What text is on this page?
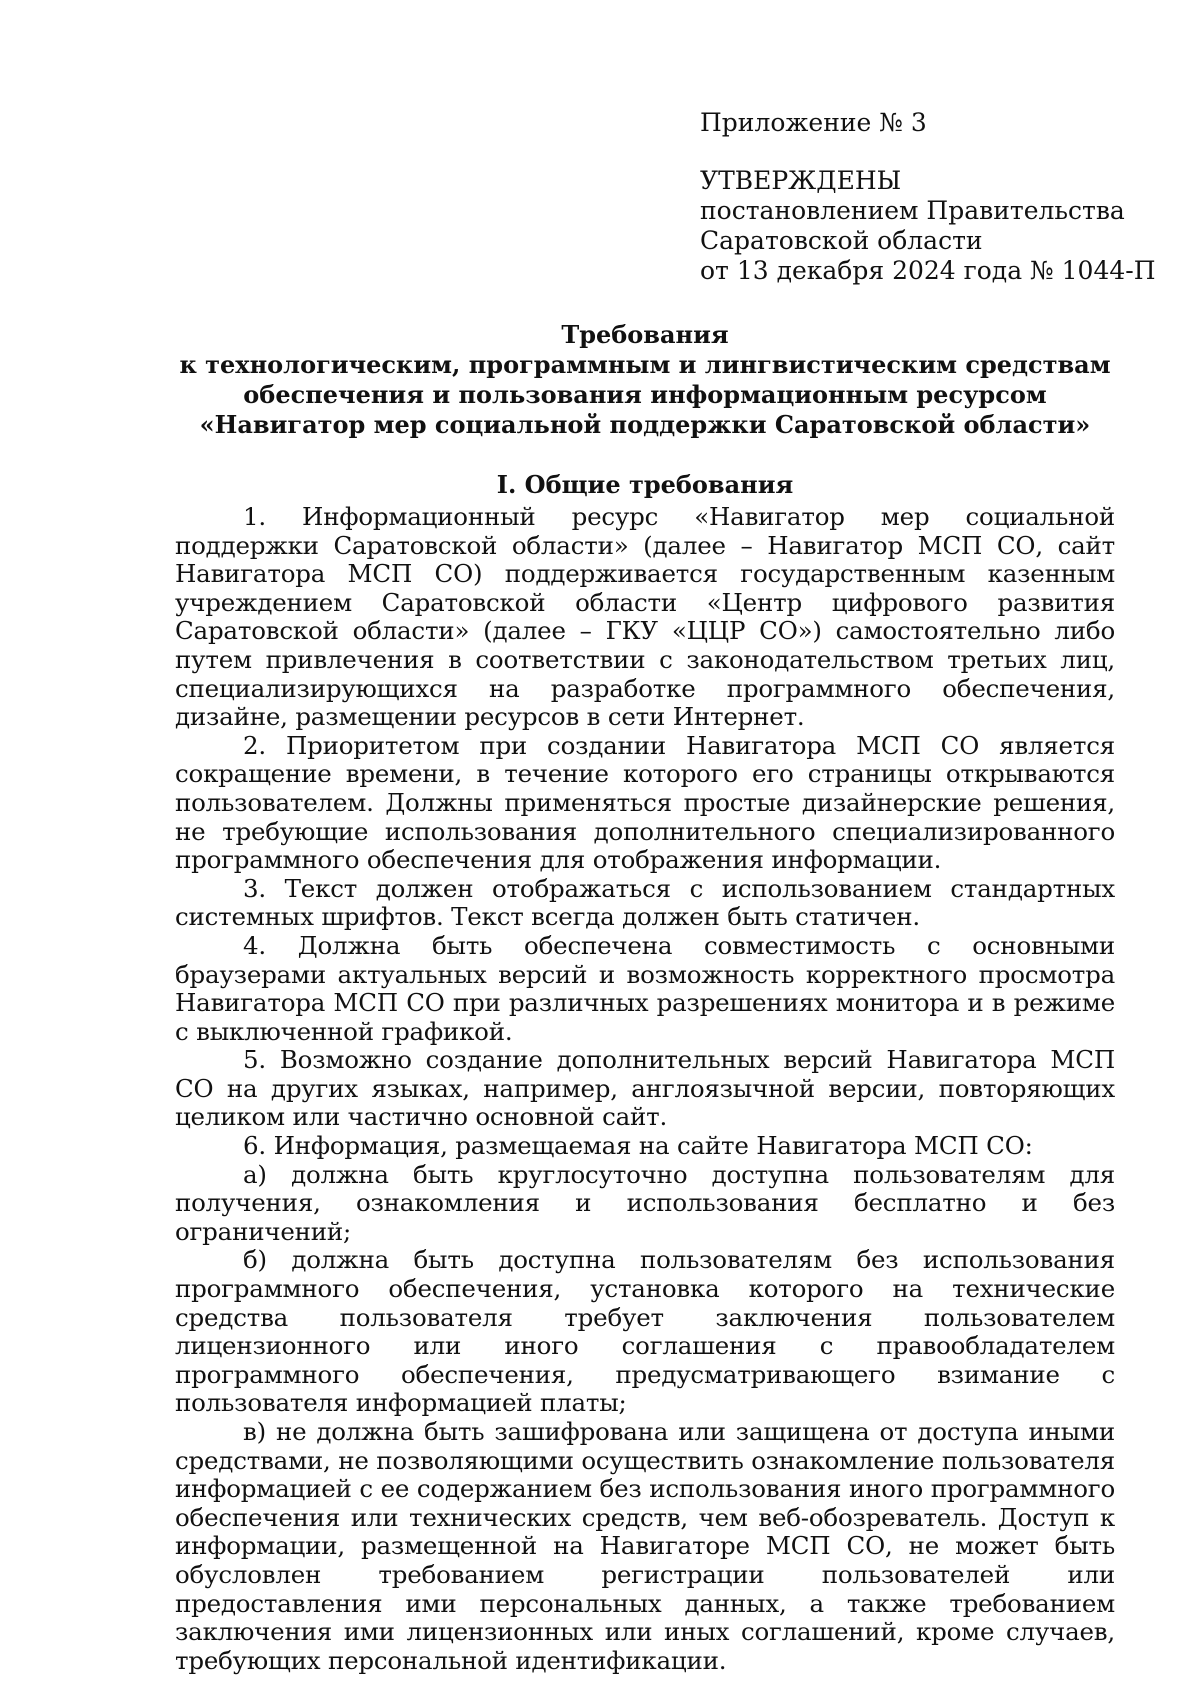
Приложение № 3
УТВЕРЖДЕНЫ
постановлением Правительства
Саратовской области
от 13 декабря 2024 года № 1044-П
Требования
к технологическим, программным и лингвистическим средствам
обеспечения и пользования информационным ресурсом
«Навигатор мер социальной поддержки Саратовской области»
I. Общие требования

1. Информационный ресурс «Навигатор мер социальной поддержки Саратовской области» (далее – Навигатор МСП СО, сайт Навигатора МСП СО) поддерживается государственным казенным учреждением Саратовской области «Центр цифрового развития Саратовской области» (далее – ГКУ «ЦЦР СО») самостоятельно либо путем привлечения в соответствии с законодательством третьих лиц, специализирующихся на разработке программного обеспечения, дизайне, размещении ресурсов в сети Интернет.

2. Приоритетом при создании Навигатора МСП СО является сокращение времени, в течение которого его страницы открываются пользователем. Должны применяться простые дизайнерские решения, не требующие использования дополнительного специализированного программного обеспечения для отображения информации.

3. Текст должен отображаться с использованием стандартных системных шрифтов. Текст всегда должен быть статичен.

4. Должна быть обеспечена совместимость с основными браузерами актуальных версий и возможность корректного просмотра Навигатора МСП СО при различных разрешениях монитора и в режиме с выключенной графикой.

5. Возможно создание дополнительных версий Навигатора МСП СО на других языках, например, англоязычной версии, повторяющих целиком или частично основной сайт.

6. Информация, размещаемая на сайте Навигатора МСП СО:

а) должна быть круглосуточно доступна пользователям для получения, ознакомления и использования бесплатно и без ограничений;

б) должна быть доступна пользователям без использования программного обеспечения, установка которого на технические средства пользователя требует заключения пользователем лицензионного или иного соглашения с правообладателем программного обеспечения, предусматривающего взимание с пользователя информацией платы;

в) не должна быть зашифрована или защищена от доступа иными средствами, не позволяющими осуществить ознакомление пользователя информацией с ее содержанием без использования иного программного обеспечения или технических средств, чем веб-обозреватель. Доступ к информации, размещенной на Навигаторе МСП СО, не может быть обусловлен требованием регистрации пользователей или предоставления ими персональных данных, а также требованием заключения ими лицензионных или иных соглашений, кроме случаев, требующих персональной идентификации.
